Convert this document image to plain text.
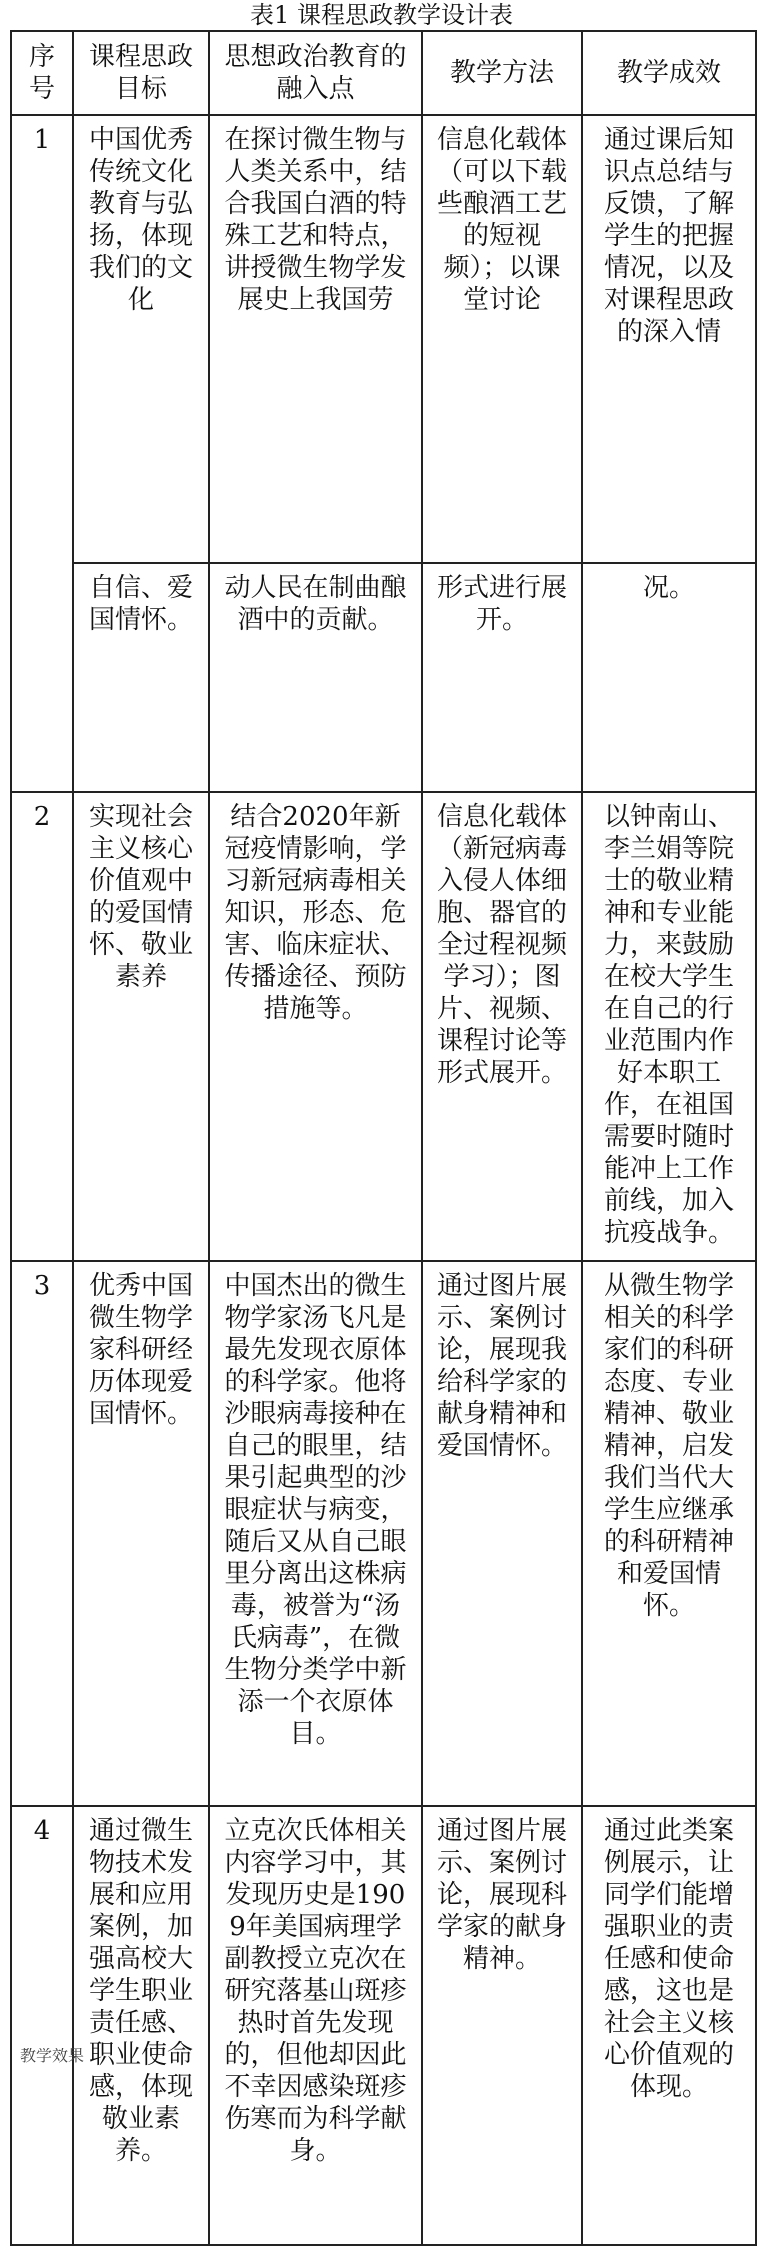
表1 课程思政教学设计表
序号	课程思政目标	思想政治教育的融入点	教学方法	教学成效

1	中国优秀传统文化教育与弘扬，体现我们的文化	在探讨微生物与人类关系中，结合我国白酒的特殊工艺和特点，讲授微生物学发展史上我国劳	信息化载体（可以下载些酿酒工艺的短视频）；以课堂讨论	通过课后知识点总结与反馈，了解学生的把握情况，以及对课程思政的深入情

	自信、爱国情怀。	动人民在制曲酿酒中的贡献。	形式进行展开。	况。

2	实现社会主义核心价值观中的爱国情怀、敬业素养	结合2020年新冠疫情影响，学习新冠病毒相关知识，形态、危害、临床症状、传播途径、预防措施等。	信息化载体（新冠病毒入侵人体细胞、器官的全过程视频学习）；图片、视频、课程讨论等形式展开。	以钟南山、李兰娟等院士的敬业精神和专业能力，来鼓励在校大学生在自己的行业范围内作好本职工作，在祖国需要时随时能冲上工作前线，加入抗疫战争。

3	优秀中国微生物学家科研经历体现爱国情怀。	中国杰出的微生物学家汤飞凡是最先发现衣原体的科学家。他将沙眼病毒接种在自己的眼里，结果引起典型的沙眼症状与病变，随后又从自己眼里分离出这株病毒，被誉为“汤氏病毒”，在微生物分类学中新添一个衣原体目。	通过图片展示、案例讨论，展现我给科学家的献身精神和爱国情怀。	从微生物学相关的科学家们的科研态度、专业精神、敬业精神，启发我们当代大学生应继承的科研精神和爱国情怀。

4	通过微生物技术发展和应用案例，加强高校大学生职业责任感、职业使命感，体现敬业素养。	立克次氏体相关内容学习中，其发现历史是1909年美国病理学副教授立克次在研究落基山斑疹热时首先发现的，但他却因此不幸因感染斑疹伤寒而为科学献身。	通过图片展示、案例讨论，展现科学家的献身精神。	通过此类案例展示，让同学们能增强职业的责任感和使命感，这也是社会主义核心价值观的体现。
教学效果
